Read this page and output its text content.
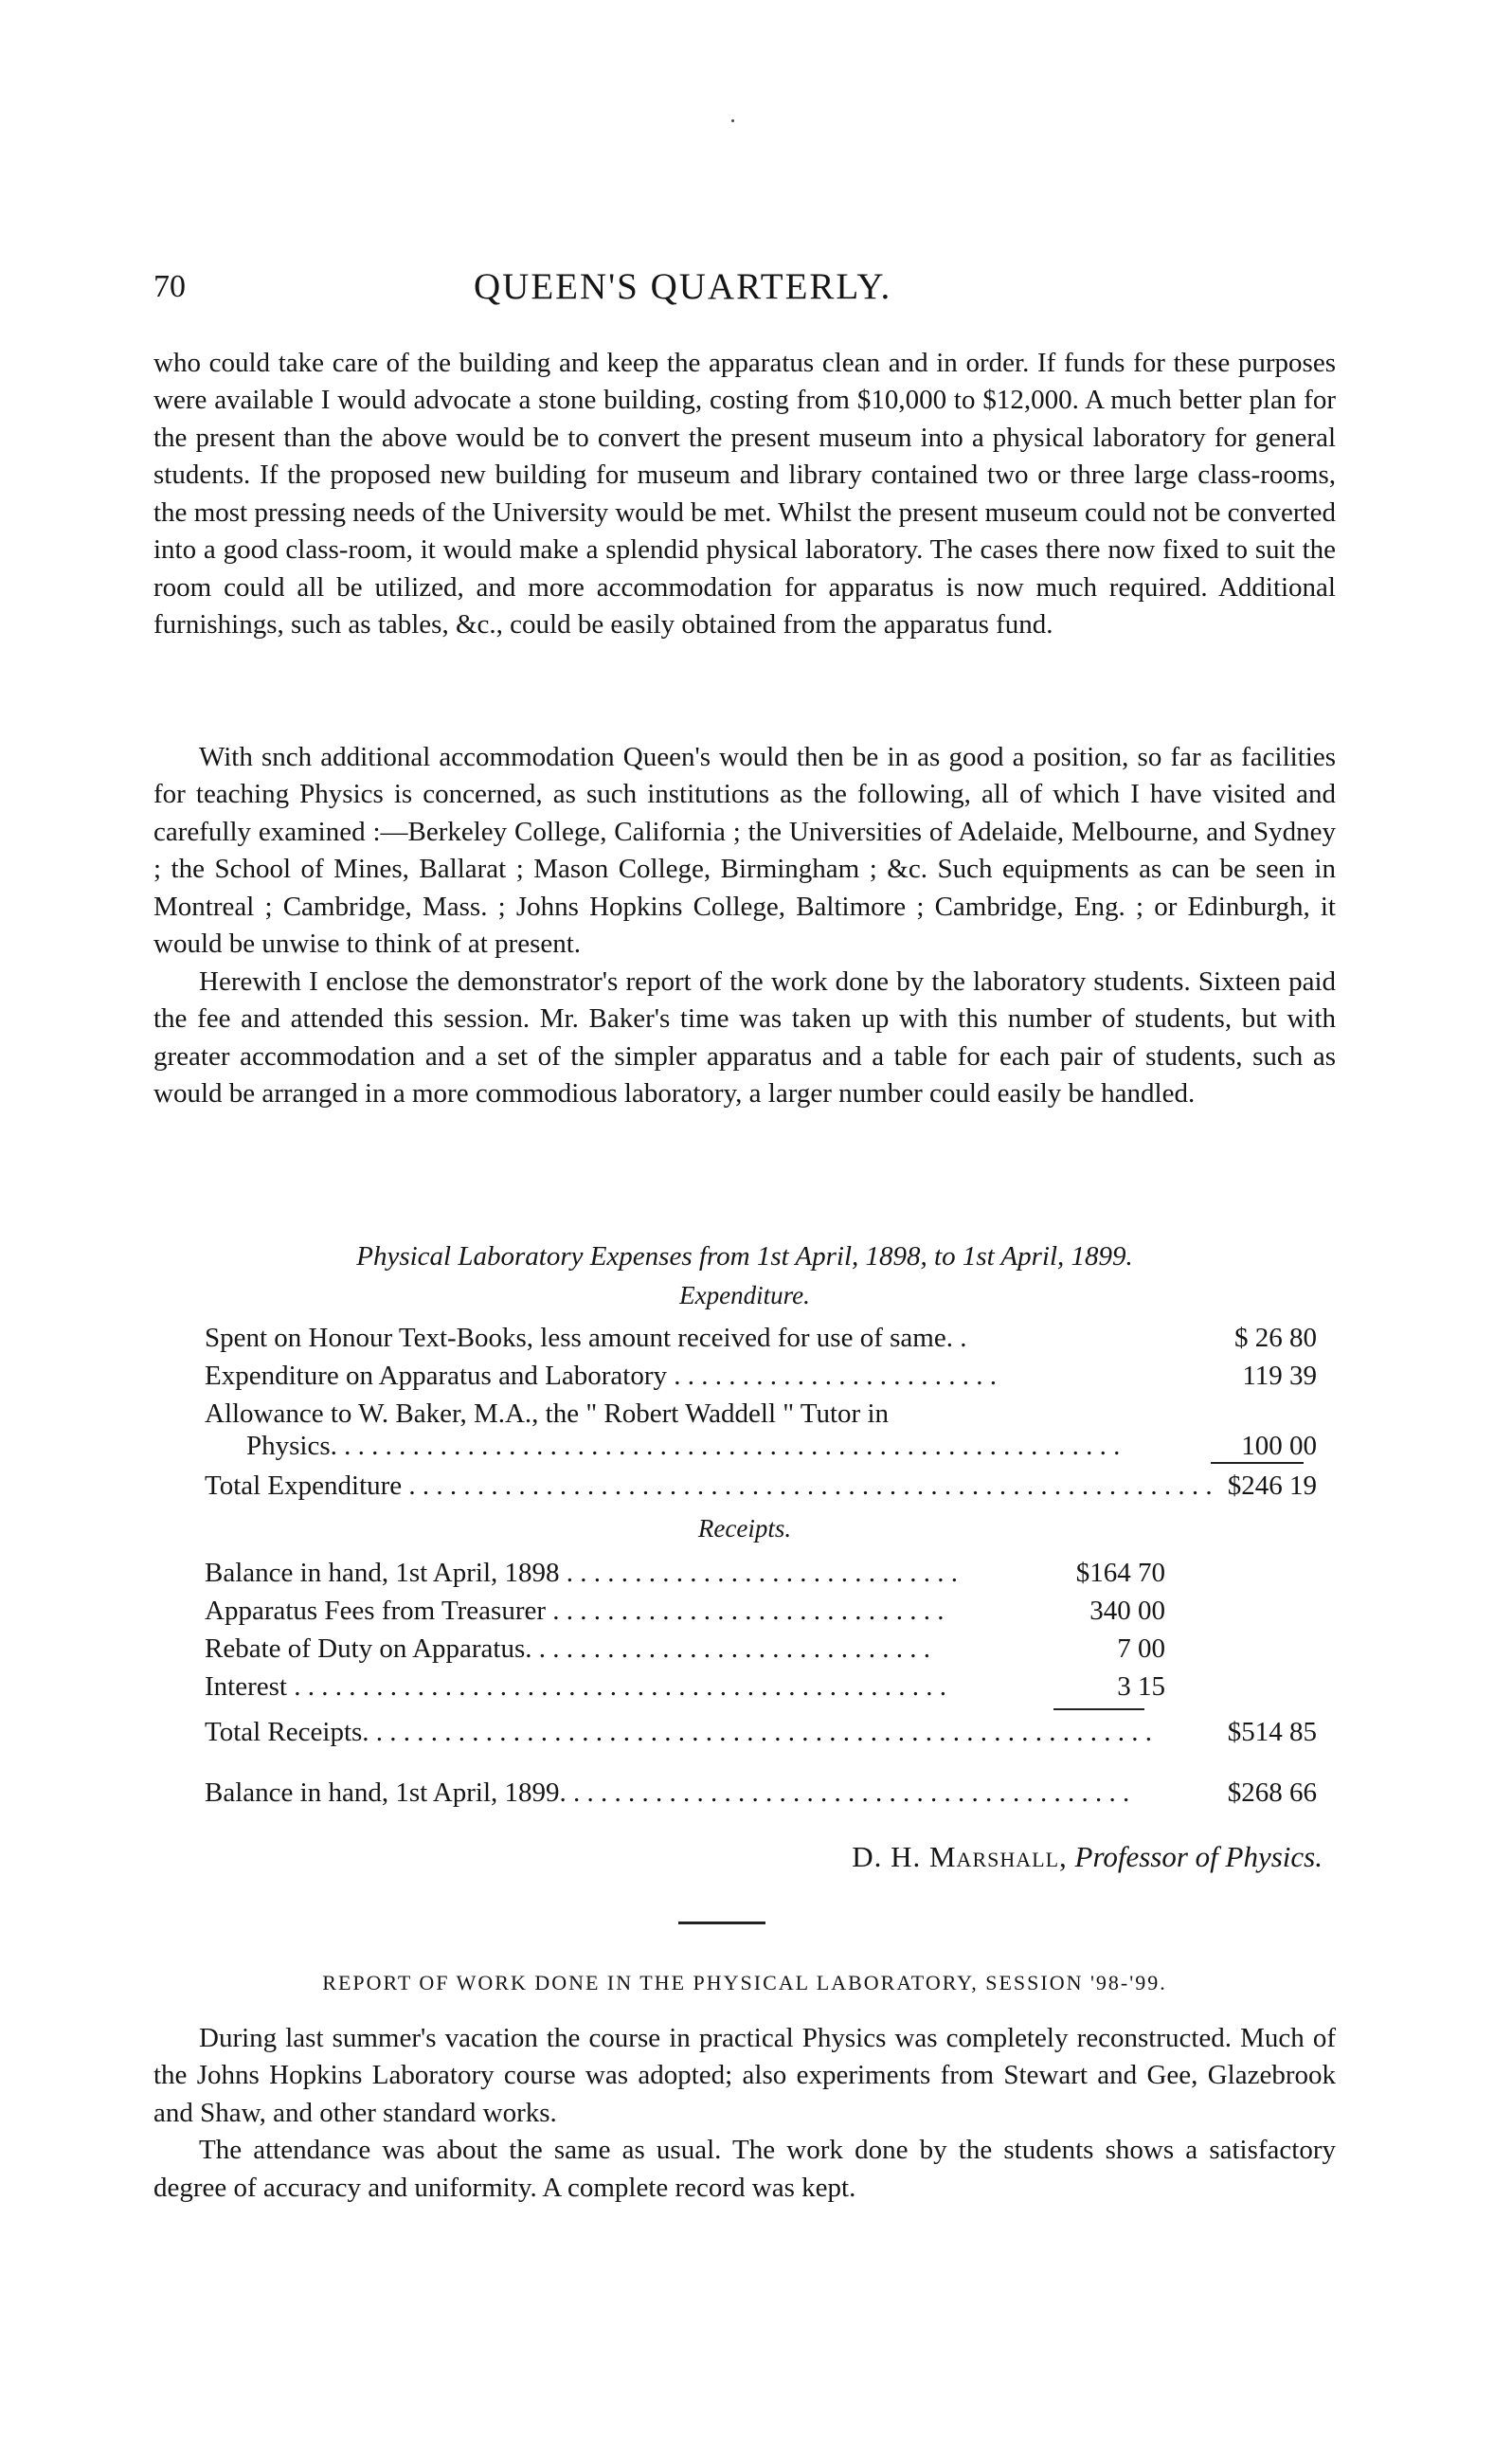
70	QUEEN'S QUARTERLY.

who could take care of the building and keep the apparatus clean and in order. If funds for these purposes were available I would advocate a stone building, costing from $10,000 to $12,000. A much better plan for the present than the above would be to convert the present museum into a physical laboratory for general students. If the proposed new building for museum and library contained two or three large class-rooms, the most pressing needs of the University would be met. Whilst the present museum could not be converted into a good class-room, it would make a splendid physical laboratory. The cases there now fixed to suit the room could all be utilized, and more accommodation for apparatus is now much required. Additional furnishings, such as tables, &c., could be easily obtained from the apparatus fund.

With snch additional accommodation Queen's would then be in as good a position, so far as facilities for teaching Physics is concerned, as such institutions as the following, all of which I have visited and carefully examined :—Berkeley College, California ; the Universities of Adelaide, Melbourne, and Sydney ; the School of Mines, Ballarat ; Mason College, Birmingham ; &c. Such equipments as can be seen in Montreal ; Cambridge, Mass. ; Johns Hopkins College, Baltimore ; Cambridge, Eng. ; or Edinburgh, it would be unwise to think of at present.

Herewith I enclose the demonstrator's report of the work done by the laboratory students. Sixteen paid the fee and attended this session. Mr. Baker's time was taken up with this number of students, but with greater accommodation and a set of the simpler apparatus and a table for each pair of students, such as would be arranged in a more commodious laboratory, a larger number could easily be handled.

Physical Laboratory Expenses from 1st April, 1898, to 1st April, 1899.
Expenditure.
Spent on Honour Text-Books, less amount received for use of same. .	$ 26 80
Expenditure on Apparatus and Laboratory . . . . . . . . . . . . . . . . . . . . . . . .	119 39
Allowance to W. Baker, M.A., the " Robert Waddell " Tutor in
Physics. . . . . . . . . . . . . . . . . . . . . . . . . . . . . . . . . . . . . . . . . . . . . . . . . . . . . . . . . .	100 00
Total Expenditure . . . . . . . . . . . . . . . . . . . . . . . . . . . . . . . . . . . . . . . . . . . . . . . . . . . . . . . . . . . $246 19
Receipts.
Balance in hand, 1st April, 1898 . . . . . . . . . . . . . . . . . . . . . . . . . . . . .	$164 70
Apparatus Fees from Treasurer . . . . . . . . . . . . . . . . . . . . . . . . . . . . .	340 00
Rebate of Duty on Apparatus. . . . . . . . . . . . . . . . . . . . . . . . . . . . . .	7 00
Interest . . . . . . . . . . . . . . . . . . . . . . . . . . . . . . . . . . . . . . . . . . . . . . . .	3 15
Total Receipts. . . . . . . . . . . . . . . . . . . . . . . . . . . . . . . . . . . . . . . . . . . . . . . . . . . . . . . . . .	$514 85
Balance in hand, 1st April, 1899. . . . . . . . . . . . . . . . . . . . . . . . . . . . . . . . . . . . . . . . . .	$268 66
D. H. Marshall, Professor of Physics.
REPORT OF WORK DONE IN THE PHYSICAL LABORATORY, SESSION '98-'99.

During last summer's vacation the course in practical Physics was completely reconstructed. Much of the Johns Hopkins Laboratory course was adopted; also experiments from Stewart and Gee, Glazebrook and Shaw, and other standard works.

The attendance was about the same as usual. The work done by the students shows a satisfactory degree of accuracy and uniformity. A complete record was kept.
